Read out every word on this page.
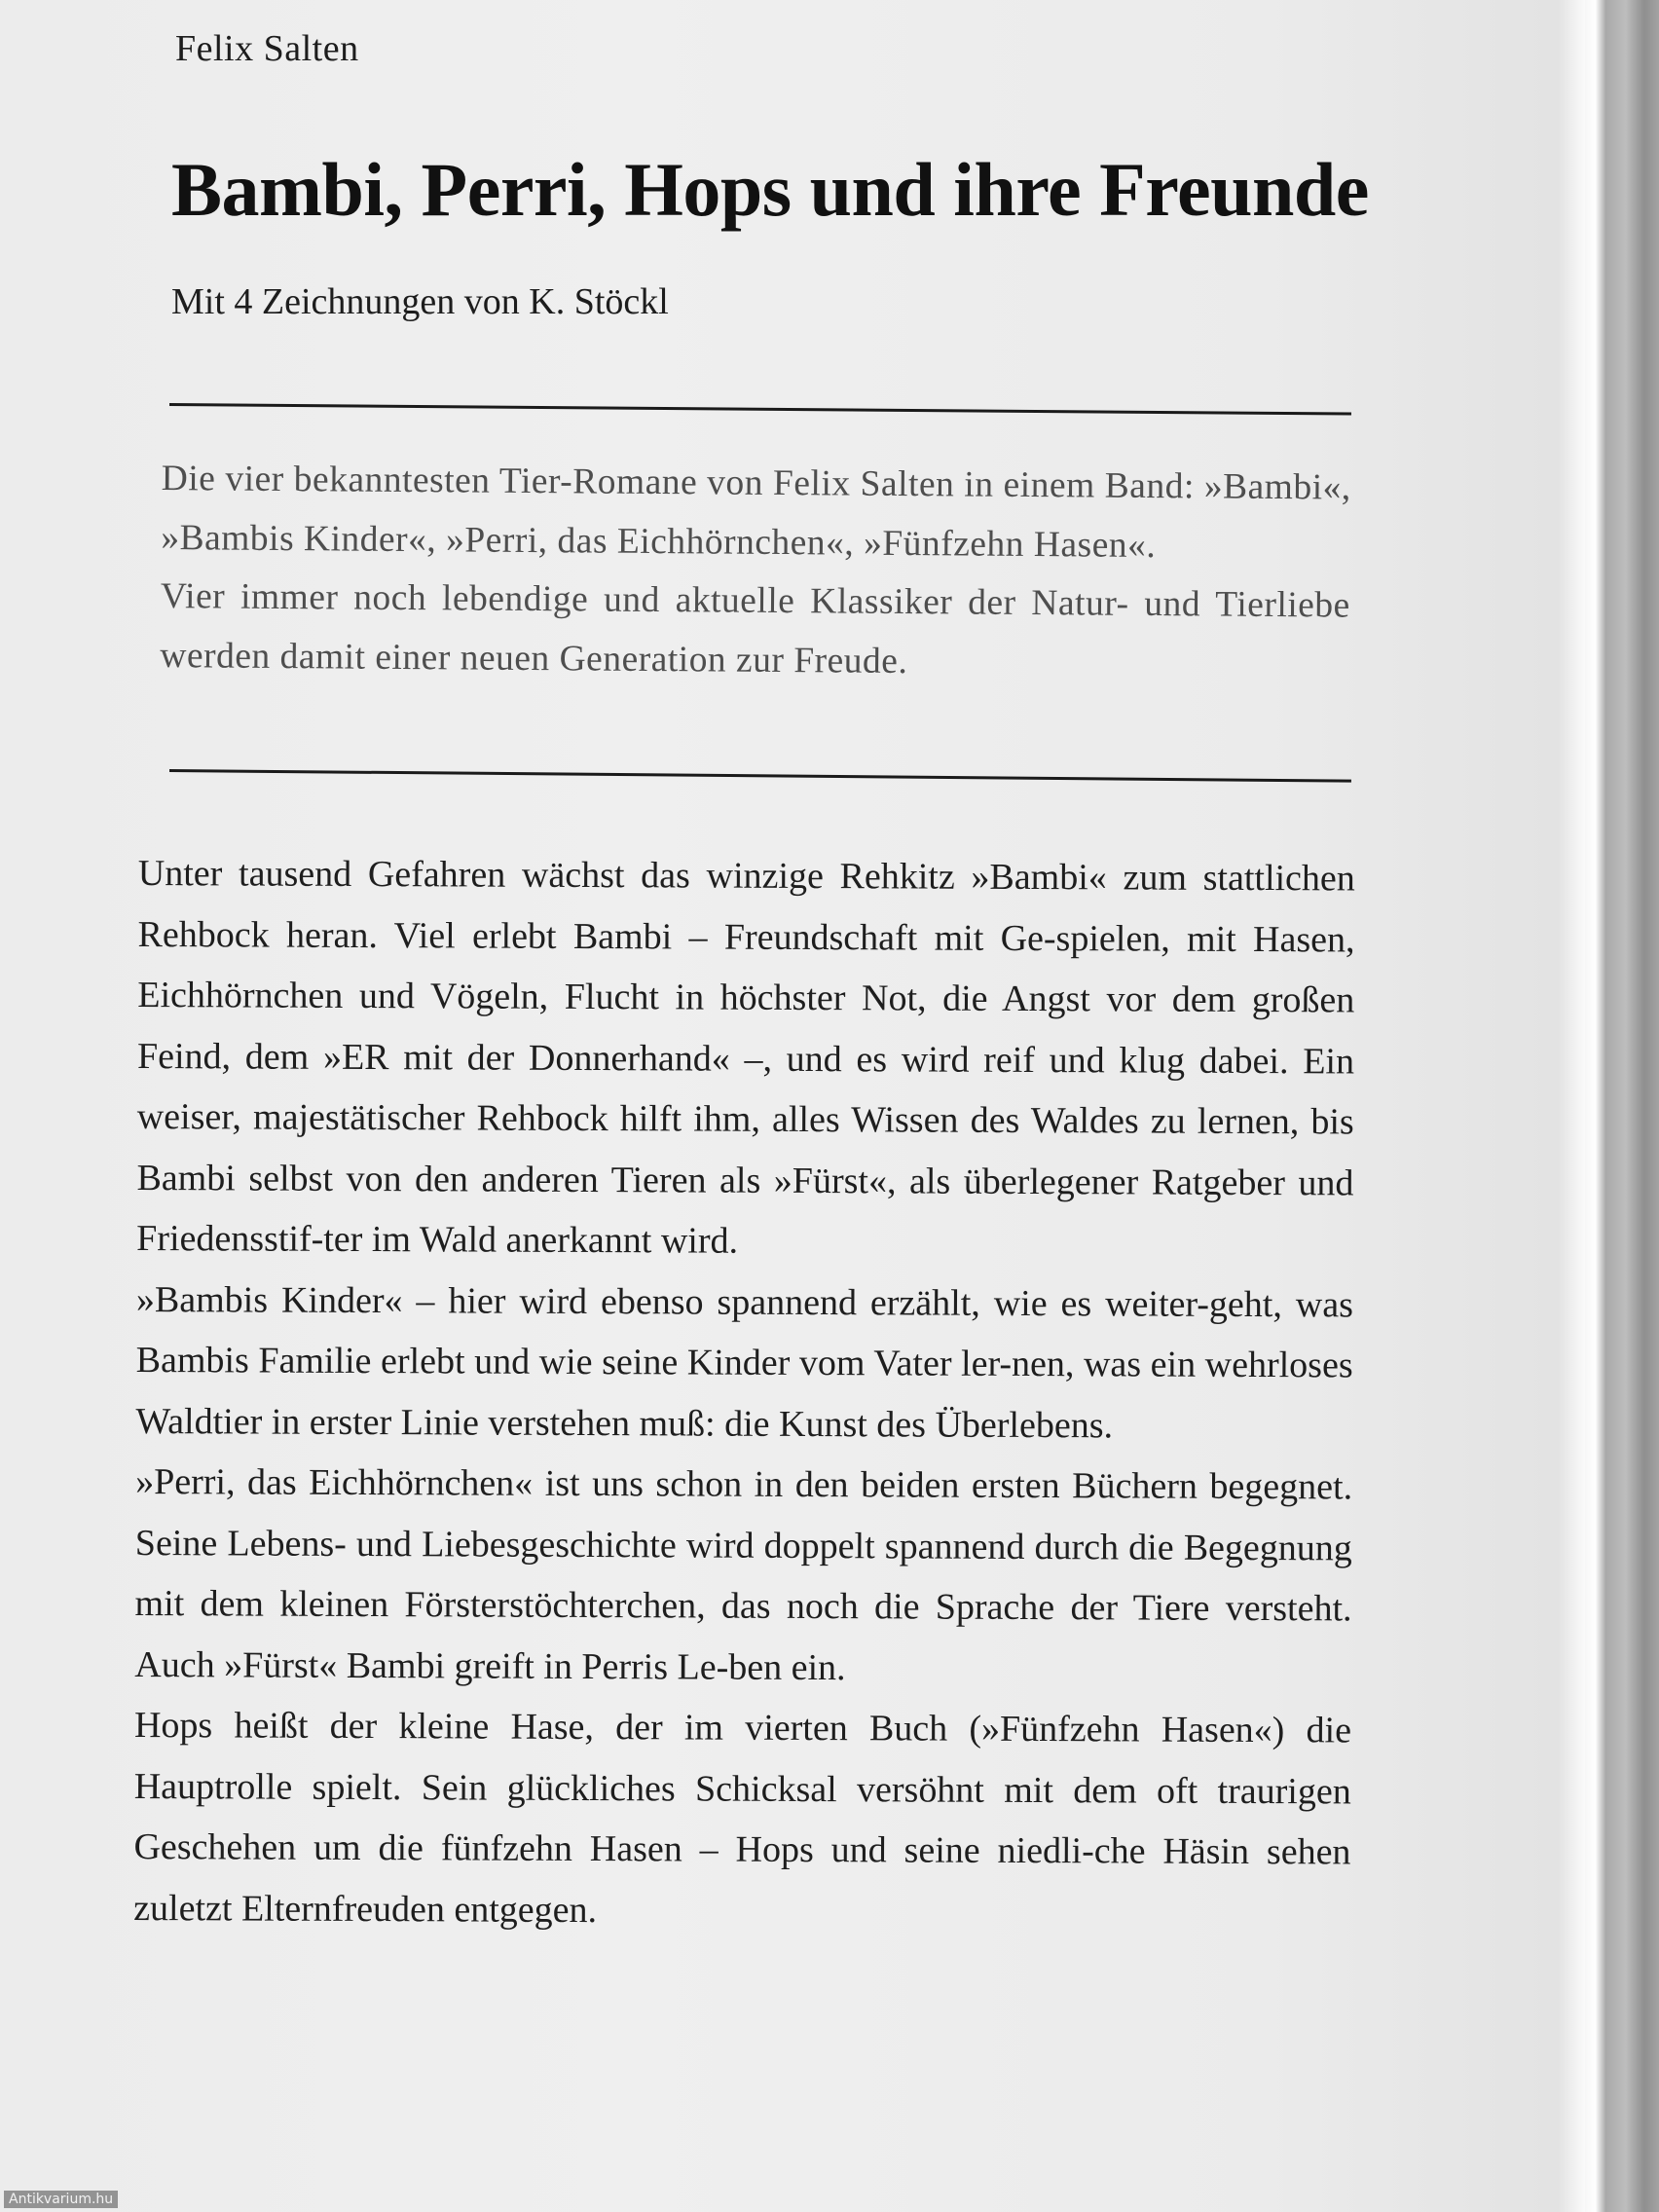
Felix Salten
Bambi, Perri, Hops und ihre Freunde
Mit 4 Zeichnungen von K. Stöckl

Die vier bekanntesten Tier-Romane von Felix Salten in einem Band: »Bambi«, »Bambis Kinder«, »Perri, das Eichhörnchen«, »Fünfzehn Hasen«.

Vier immer noch lebendige und aktuelle Klassiker der Natur- und Tierliebe werden damit einer neuen Generation zur Freude.

Unter tausend Gefahren wächst das winzige Rehkitz »Bambi« zum stattlichen Rehbock heran. Viel erlebt Bambi – Freundschaft mit Ge-spielen, mit Hasen, Eichhörnchen und Vögeln, Flucht in höchster Not, die Angst vor dem großen Feind, dem »ER mit der Donnerhand« –, und es wird reif und klug dabei. Ein weiser, majestätischer Rehbock hilft ihm, alles Wissen des Waldes zu lernen, bis Bambi selbst von den anderen Tieren als »Fürst«, als überlegener Ratgeber und Friedensstif-ter im Wald anerkannt wird.

»Bambis Kinder« – hier wird ebenso spannend erzählt, wie es weiter-geht, was Bambis Familie erlebt und wie seine Kinder vom Vater ler-nen, was ein wehrloses Waldtier in erster Linie verstehen muß: die Kunst des Überlebens.

»Perri, das Eichhörnchen« ist uns schon in den beiden ersten Büchern begegnet. Seine Lebens- und Liebesgeschichte wird doppelt spannend durch die Begegnung mit dem kleinen Försterstöchterchen, das noch die Sprache der Tiere versteht. Auch »Fürst« Bambi greift in Perris Le-ben ein.

Hops heißt der kleine Hase, der im vierten Buch (»Fünfzehn Hasen«) die Hauptrolle spielt. Sein glückliches Schicksal versöhnt mit dem oft traurigen Geschehen um die fünfzehn Hasen – Hops und seine niedli-che Häsin sehen zuletzt Elternfreuden entgegen.

Antikvarium.hu
